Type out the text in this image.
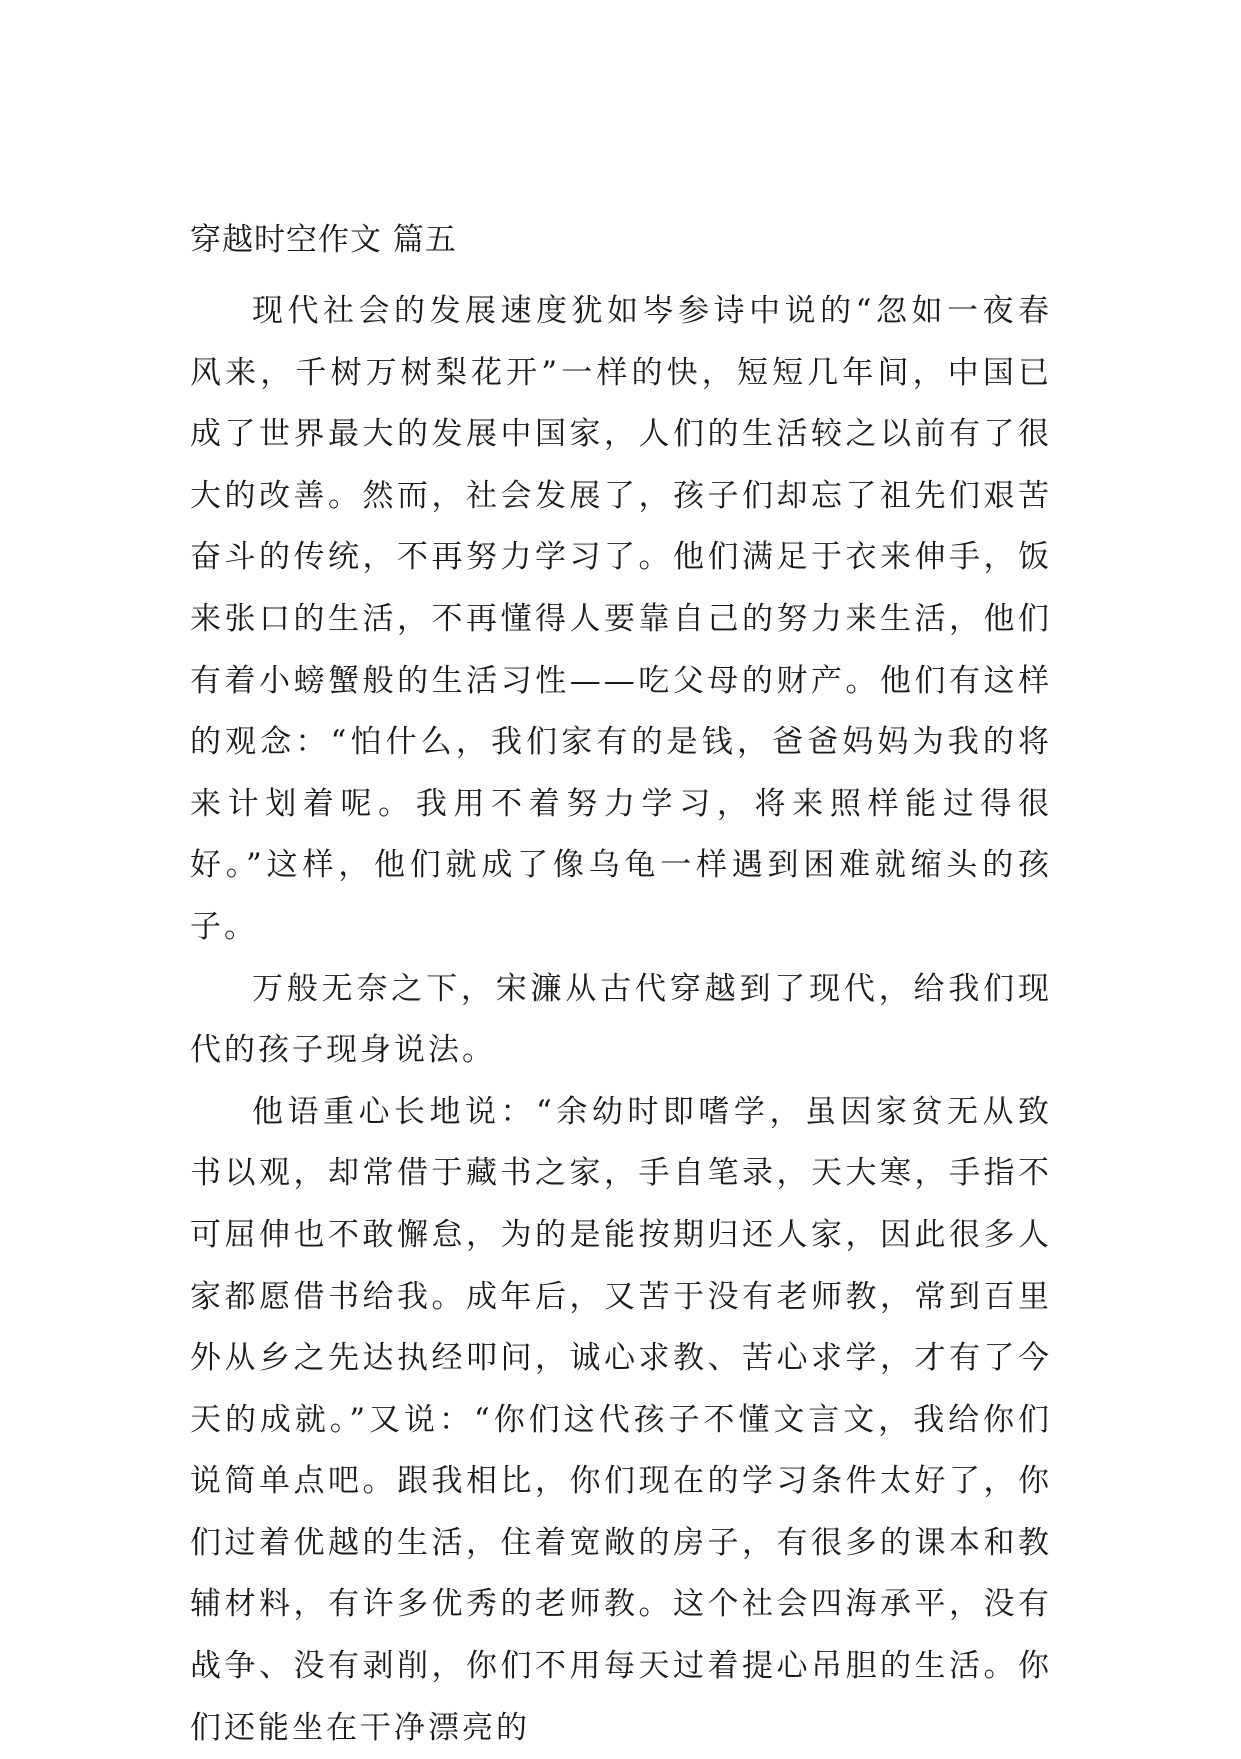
穿越时空作文 篇五

现代社会的发展速度犹如岑参诗中说的“忽如一夜春风来，千树万树梨花开”一样的快，短短几年间，中国已成了世界最大的发展中国家，人们的生活较之以前有了很大的改善。然而，社会发展了，孩子们却忘了祖先们艰苦奋斗的传统，不再努力学习了。他们满足于衣来伸手，饭来张口的生活，不再懂得人要靠自己的努力来生活，他们有着小螃蟹般的生活习性——吃父母的财产。他们有这样的观念：“怕什么，我们家有的是钱，爸爸妈妈为我的将来计划着呢。我用不着努力学习，将来照样能过得很好。”这样，他们就成了像乌龟一样遇到困难就缩头的孩子。

万般无奈之下，宋濂从古代穿越到了现代，给我们现代的孩子现身说法。

他语重心长地说：“余幼时即嗜学，虽因家贫无从致书以观，却常借于藏书之家，手自笔录，天大寒，手指不可屈伸也不敢懈怠，为的是能按期归还人家，因此很多人家都愿借书给我。成年后，又苦于没有老师教，常到百里外从乡之先达执经叩问，诚心求教、苦心求学，才有了今天的成就。”又说：“你们这代孩子不懂文言文，我给你们说简单点吧。跟我相比，你们现在的学习条件太好了，你们过着优越的生活，住着宽敞的房子，有很多的课本和教辅材料，有许多优秀的老师教。这个社会四海承平，没有战争、没有剥削，你们不用每天过着提心吊胆的生活。你们还能坐在干净漂亮的
